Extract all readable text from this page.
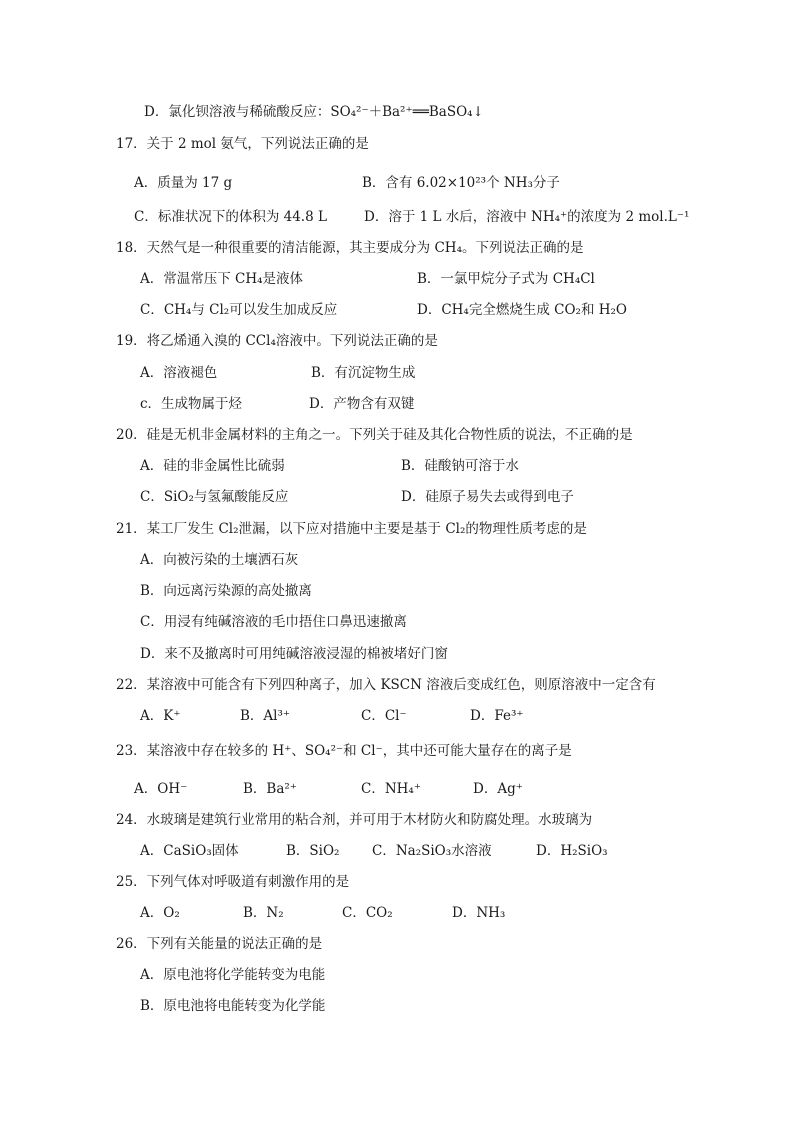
D．氯化钡溶液与稀硫酸反应：SO₄²⁻＋Ba²⁺══BaSO₄↓
17．关于 2 mol 氨气，下列说法正确的是
A．质量为 17 g	B．含有 6.02×10²³个 NH₃分子
C．标准状况下的体积为 44.8 L	D．溶于 1 L 水后，溶液中 NH₄⁺的浓度为 2 mol.L⁻¹
18．天然气是一种很重要的清洁能源，其主要成分为 CH₄。下列说法正确的是
A．常温常压下 CH₄是液体	B．一氯甲烷分子式为 CH₄Cl
C．CH₄与 Cl₂可以发生加成反应	D．CH₄完全燃烧生成 CO₂和 H₂O
19．将乙烯通入溴的 CCl₄溶液中。下列说法正确的是
A．溶液褪色	B．有沉淀物生成
c．生成物属于烃	D．产物含有双键
20．硅是无机非金属材料的主角之一。下列关于硅及其化合物性质的说法，不正确的是
A．硅的非金属性比硫弱	B．硅酸钠可溶于水
C．SiO₂与氢氟酸能反应	D．硅原子易失去或得到电子
21．某工厂发生 Cl₂泄漏，以下应对措施中主要是基于 Cl₂的物理性质考虑的是
A．向被污染的土壤洒石灰
B．向远离污染源的高处撤离
C．用浸有纯碱溶液的毛巾捂住口鼻迅速撤离
D．来不及撤离时可用纯碱溶液浸湿的棉被堵好门窗
22．某溶液中可能含有下列四种离子，加入 KSCN 溶液后变成红色，则原溶液中一定含有
A．K⁺	B．Al³⁺	C．Cl⁻	D．Fe³⁺
23．某溶液中存在较多的 H⁺、SO₄²⁻和 Cl⁻，其中还可能大量存在的离子是
A．OH⁻	B．Ba²⁺	C．NH₄⁺	D．Ag⁺
24．水玻璃是建筑行业常用的粘合剂，并可用于木材防火和防腐处理。水玻璃为
A．CaSiO₃固体	B．SiO₂ C．Na₂SiO₃水溶液	D．H₂SiO₃
25．下列气体对呼吸道有刺激作用的是
A．O₂	B．N₂	C．CO₂	D．NH₃
26．下列有关能量的说法正确的是
A．原电池将化学能转变为电能
B．原电池将电能转变为化学能
